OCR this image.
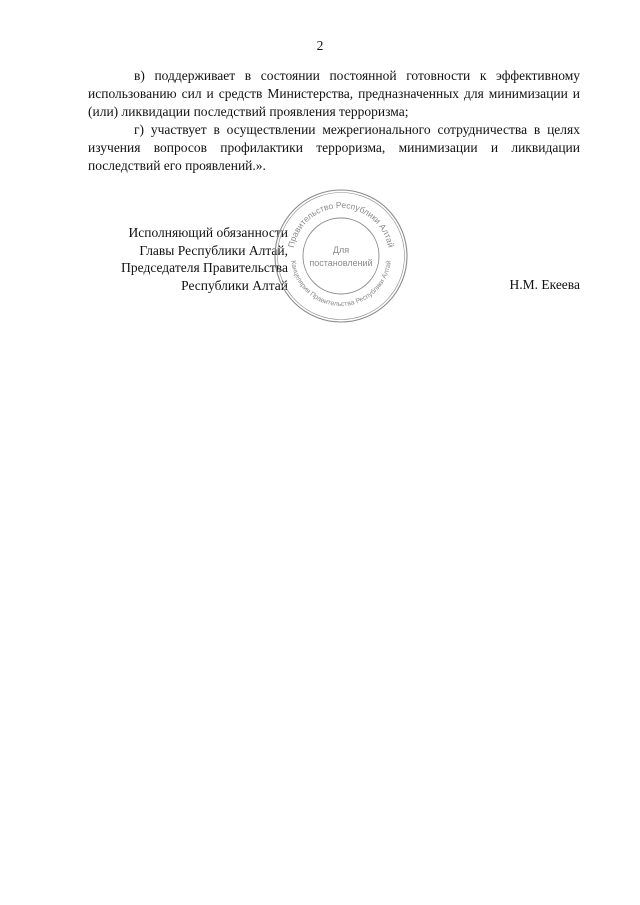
2

в) поддерживает в состоянии постоянной готовности к эффективному использованию сил и средств Министерства, предназначенных для минимизации и (или) ликвидации последствий проявления терроризма;

г) участвует в осуществлении межрегионального сотрудничества в целях изучения вопросов профилактики терроризма, минимизации и ликвидации последствий его проявлений.».

Исполняющий обязанности
Главы Республики Алтай,
Председателя Правительства
Республики Алтай	Н.М. Екеева
Правительство Республики Алтай
Канцелярия Правительства Республики Алтай
Для
постановлений
